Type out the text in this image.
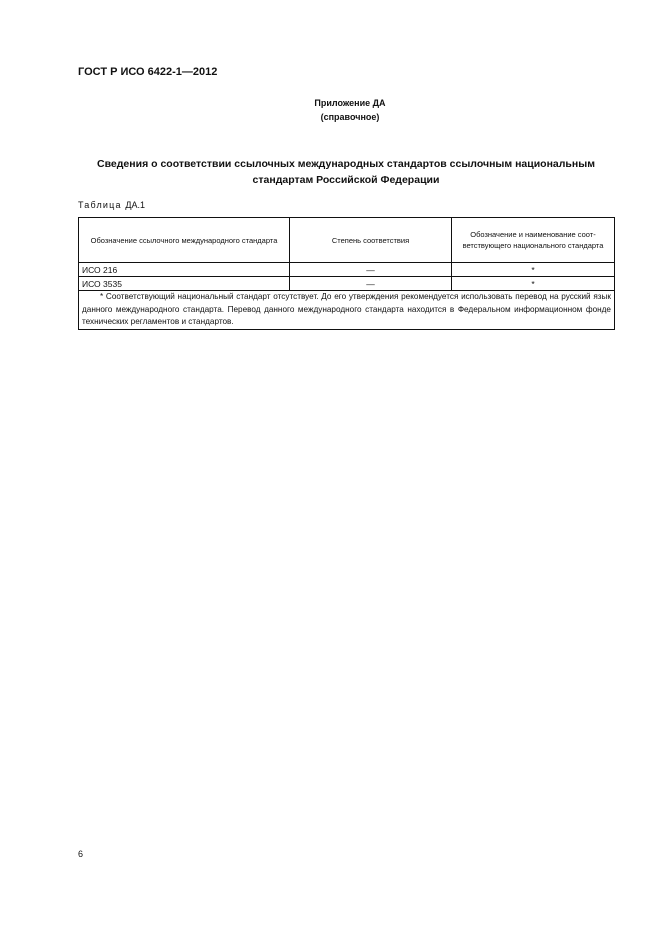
ГОСТ Р ИСО 6422-1—2012
Приложение ДА
(справочное)
Сведения о соответствии ссылочных международных стандартов ссылочным национальным
стандартам Российской Федерации
Таблица ДА.1
Обозначение ссылочного международного стандарта	Степень соответствия	Обозначение и наименование соответствующего национального стандарта
ИСО 216	—	*
ИСО 3535	—	*
* Соответствующий национальный стандарт отсутствует. До его утверждения рекомендуется использовать перевод на русский язык данного международного стандарта. Перевод данного международного стандарта находится в Федеральном информационном фонде технических регламентов и стандартов.		
6
